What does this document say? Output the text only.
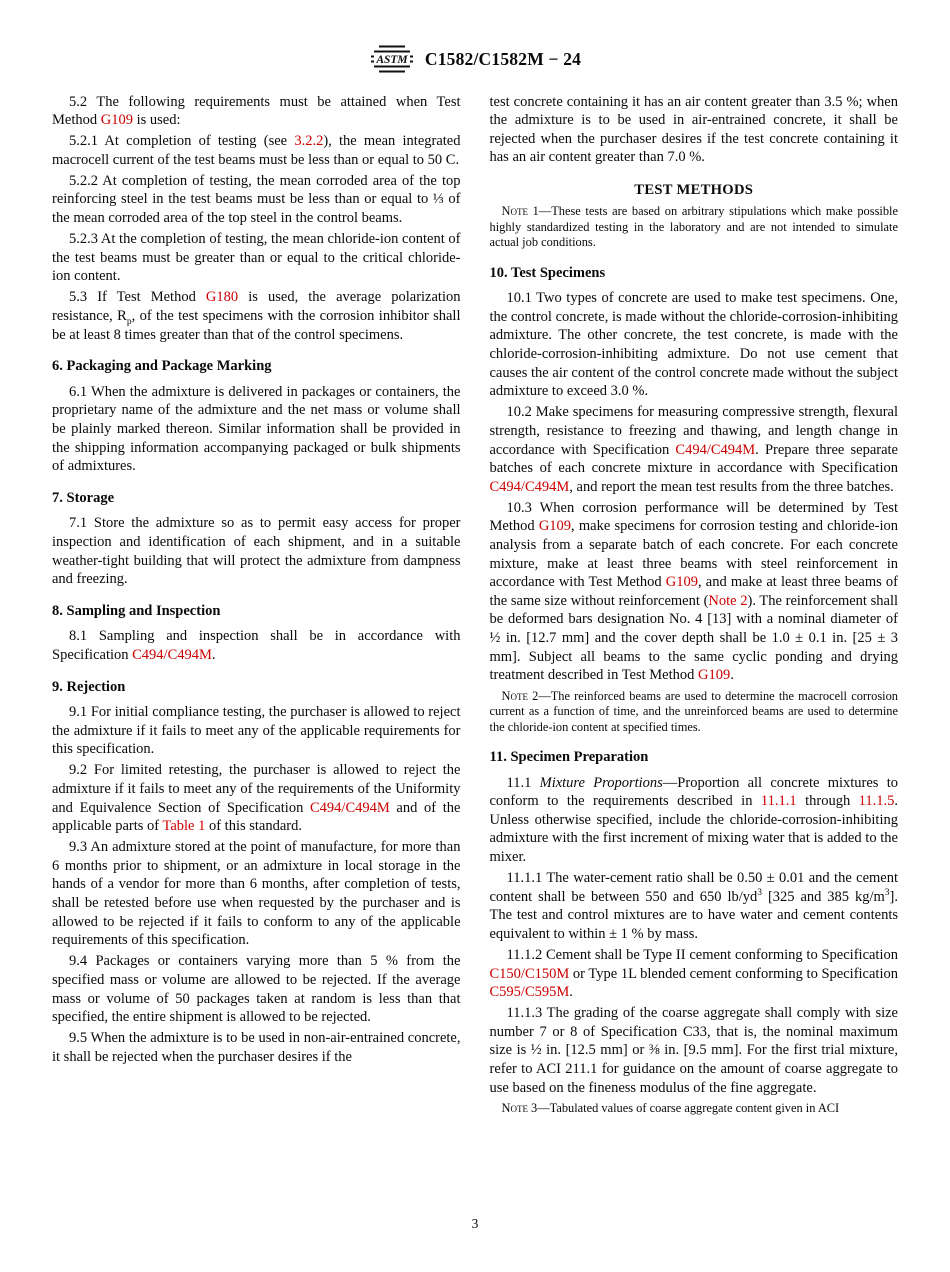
ASTM C1582/C1582M − 24

5.2 The following requirements must be attained when Test Method G109 is used:

5.2.1 At completion of testing (see 3.2.2), the mean integrated macrocell current of the test beams must be less than or equal to 50 C.

5.2.2 At completion of testing, the mean corroded area of the top reinforcing steel in the test beams must be less than or equal to ⅓ of the mean corroded area of the top steel in the control beams.

5.2.3 At the completion of testing, the mean chloride-ion content of the test beams must be greater than or equal to the critical chloride-ion content.

5.3 If Test Method G180 is used, the average polarization resistance, $R_p$, of the test specimens with the corrosion inhibitor shall be at least 8 times greater than that of the control specimens.

6. Packaging and Package Marking

6.1 When the admixture is delivered in packages or containers, the proprietary name of the admixture and the net mass or volume shall be plainly marked thereon. Similar information shall be provided in the shipping information accompanying packaged or bulk shipments of admixtures.

7. Storage

7.1 Store the admixture so as to permit easy access for proper inspection and identification of each shipment, and in a suitable weather-tight building that will protect the admixture from dampness and freezing.

8. Sampling and Inspection

8.1 Sampling and inspection shall be in accordance with Specification C494/C494M.

9. Rejection

9.1 For initial compliance testing, the purchaser is allowed to reject the admixture if it fails to meet any of the applicable requirements for this specification.

9.2 For limited retesting, the purchaser is allowed to reject the admixture if it fails to meet any of the requirements of the Uniformity and Equivalence Section of Specification C494/C494M and of the applicable parts of Table 1 of this standard.

9.3 An admixture stored at the point of manufacture, for more than 6 months prior to shipment, or an admixture in local storage in the hands of a vendor for more than 6 months, after completion of tests, shall be retested before use when requested by the purchaser and is allowed to be rejected if it fails to conform to any of the applicable requirements of this specification.

9.4 Packages or containers varying more than 5 % from the specified mass or volume are allowed to be rejected. If the average mass or volume of 50 packages taken at random is less than that specified, the entire shipment is allowed to be rejected.

9.5 When the admixture is to be used in non-air-entrained concrete, it shall be rejected when the purchaser desires if the

test concrete containing it has an air content greater than 3.5 %; when the admixture is to be used in air-entrained concrete, it shall be rejected when the purchaser desires if the test concrete containing it has an air content greater than 7.0 %.

TEST METHODS

Note 1—These tests are based on arbitrary stipulations which make possible highly standardized testing in the laboratory and are not intended to simulate actual job conditions.

10. Test Specimens

10.1 Two types of concrete are used to make test specimens. One, the control concrete, is made without the chloride-corrosion-inhibiting admixture. The other concrete, the test concrete, is made with the chloride-corrosion-inhibiting admixture. Do not use cement that causes the air content of the control concrete made without the subject admixture to exceed 3.0 %.

10.2 Make specimens for measuring compressive strength, flexural strength, resistance to freezing and thawing, and length change in accordance with Specification C494/C494M. Prepare three separate batches of each concrete mixture in accordance with Specification C494/C494M, and report the mean test results from the three batches.

10.3 When corrosion performance will be determined by Test Method G109, make specimens for corrosion testing and chloride-ion analysis from a separate batch of each concrete. For each concrete mixture, make at least three beams with steel reinforcement in accordance with Test Method G109, and make at least three beams of the same size without reinforcement (Note 2). The reinforcement shall be deformed bars designation No. 4 [13] with a nominal diameter of ½ in. [12.7 mm] and the cover depth shall be 1.0 ± 0.1 in. [25 ± 3 mm]. Subject all beams to the same cyclic ponding and drying treatment described in Test Method G109.

Note 2—The reinforced beams are used to determine the macrocell corrosion current as a function of time, and the unreinforced beams are used to determine the chloride-ion content at specified times.

11. Specimen Preparation

11.1 Mixture Proportions—Proportion all concrete mixtures to conform to the requirements described in 11.1.1 through 11.1.5. Unless otherwise specified, include the chloride-corrosion-inhibiting admixture with the first increment of mixing water that is added to the mixer.

11.1.1 The water-cement ratio shall be 0.50 ± 0.01 and the cement content shall be between 550 and 650 $lb/yd^3$ [325 and 385 $kg/m^3$]. The test and control mixtures are to have water and cement contents equivalent to within ± 1 % by mass.

11.1.2 Cement shall be Type II cement conforming to Specification C150/C150M or Type 1L blended cement conforming to Specification C595/C595M.

11.1.3 The grading of the coarse aggregate shall comply with size number 7 or 8 of Specification C33, that is, the nominal maximum size is ½ in. [12.5 mm] or ⅜ in. [9.5 mm]. For the first trial mixture, refer to ACI 211.1 for guidance on the amount of coarse aggregate to use based on the fineness modulus of the fine aggregate.

Note 3—Tabulated values of coarse aggregate content given in ACI

3
